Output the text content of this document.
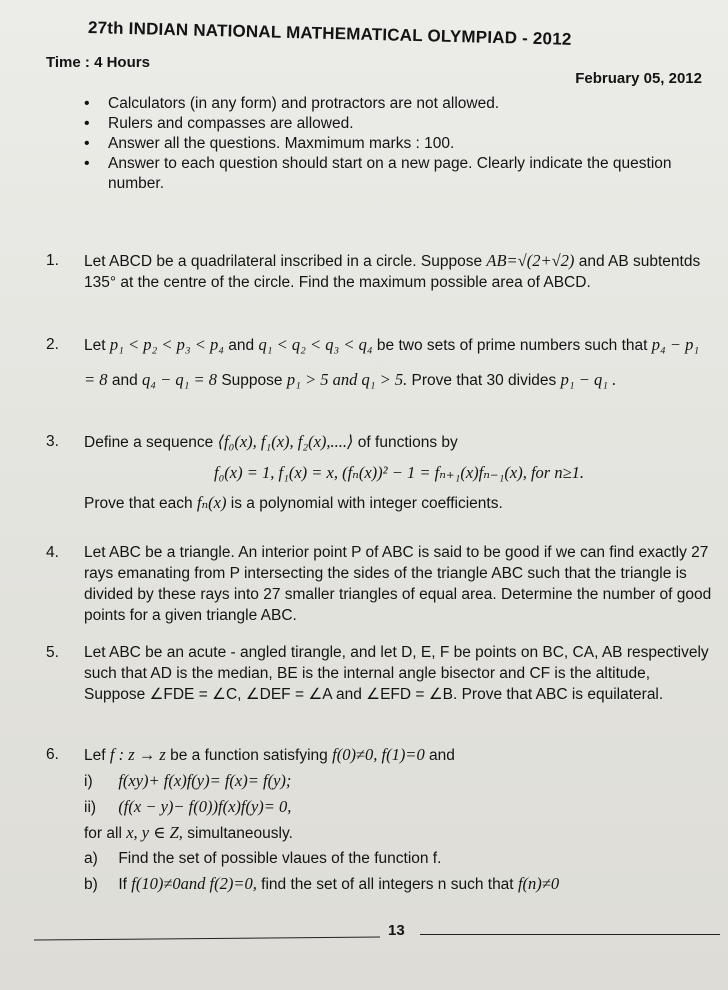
27th INDIAN NATIONAL MATHEMATICAL OLYMPIAD - 2012
Time : 4 Hours
February 05, 2012
• Calculators (in any form) and protractors are not allowed.
• Rulers and compasses are allowed.
• Answer all the questions. Maxmimum marks : 100.
• Answer to each question should start on a new page. Clearly indicate the question number.
1.	Let ABCD be a quadrilateral inscribed in a circle. Suppose AB=√(2+√2) and AB subtentds 135° at the centre of the circle. Find the maximum possible area of ABCD.
2.	Let p₁ < p₂ < p₃ < p₄ and q₁ < q₂ < q₃ < q₄ be two sets of prime numbers such that p₄ − p₁ = 8 and q₄ − q₁ = 8 Suppose p₁ > 5 and q₁ > 5. Prove that 30 divides p₁ − q₁ .
3.	Define a sequence ⟨f₀(x), f₁(x), f₂(x),....⟩ of functions by
f₀(x) = 1, f₁(x) = x, (fₙ(x))² − 1 = fₙ₊₁(x)fₙ₋₁(x), for n≥1.
Prove that each fₙ(x) is a polynomial with integer coefficients.
4.	Let ABC be a triangle. An interior point P of ABC is said to be good if we can find exactly 27 rays emanating from P intersecting the sides of the triangle ABC such that the triangle is divided by these rays into 27 smaller triangles of equal area. Determine the number of good points for a given triangle ABC.
5.	Let ABC be an acute - angled tirangle, and let D, E, F be points on BC, CA, AB respectively such that AD is the median, BE is the internal angle bisector and CF is the altitude, Suppose ∠FDE = ∠C, ∠DEF = ∠A and ∠EFD = ∠B. Prove that ABC is equilateral.
6.	Lef f : z → z be a function satisfying f(0)≠0, f(1)=0 and
i) f(xy)+ f(x)f(y)= f(x)= f(y);
ii) (f(x − y)− f(0))f(x)f(y)= 0,
for all x, y ∈ Z, simultaneously.
a) Find the set of possible vlaues of the function f.
b) If f(10)≠0and f(2)=0, find the set of all integers n such that f(n)≠0
13
